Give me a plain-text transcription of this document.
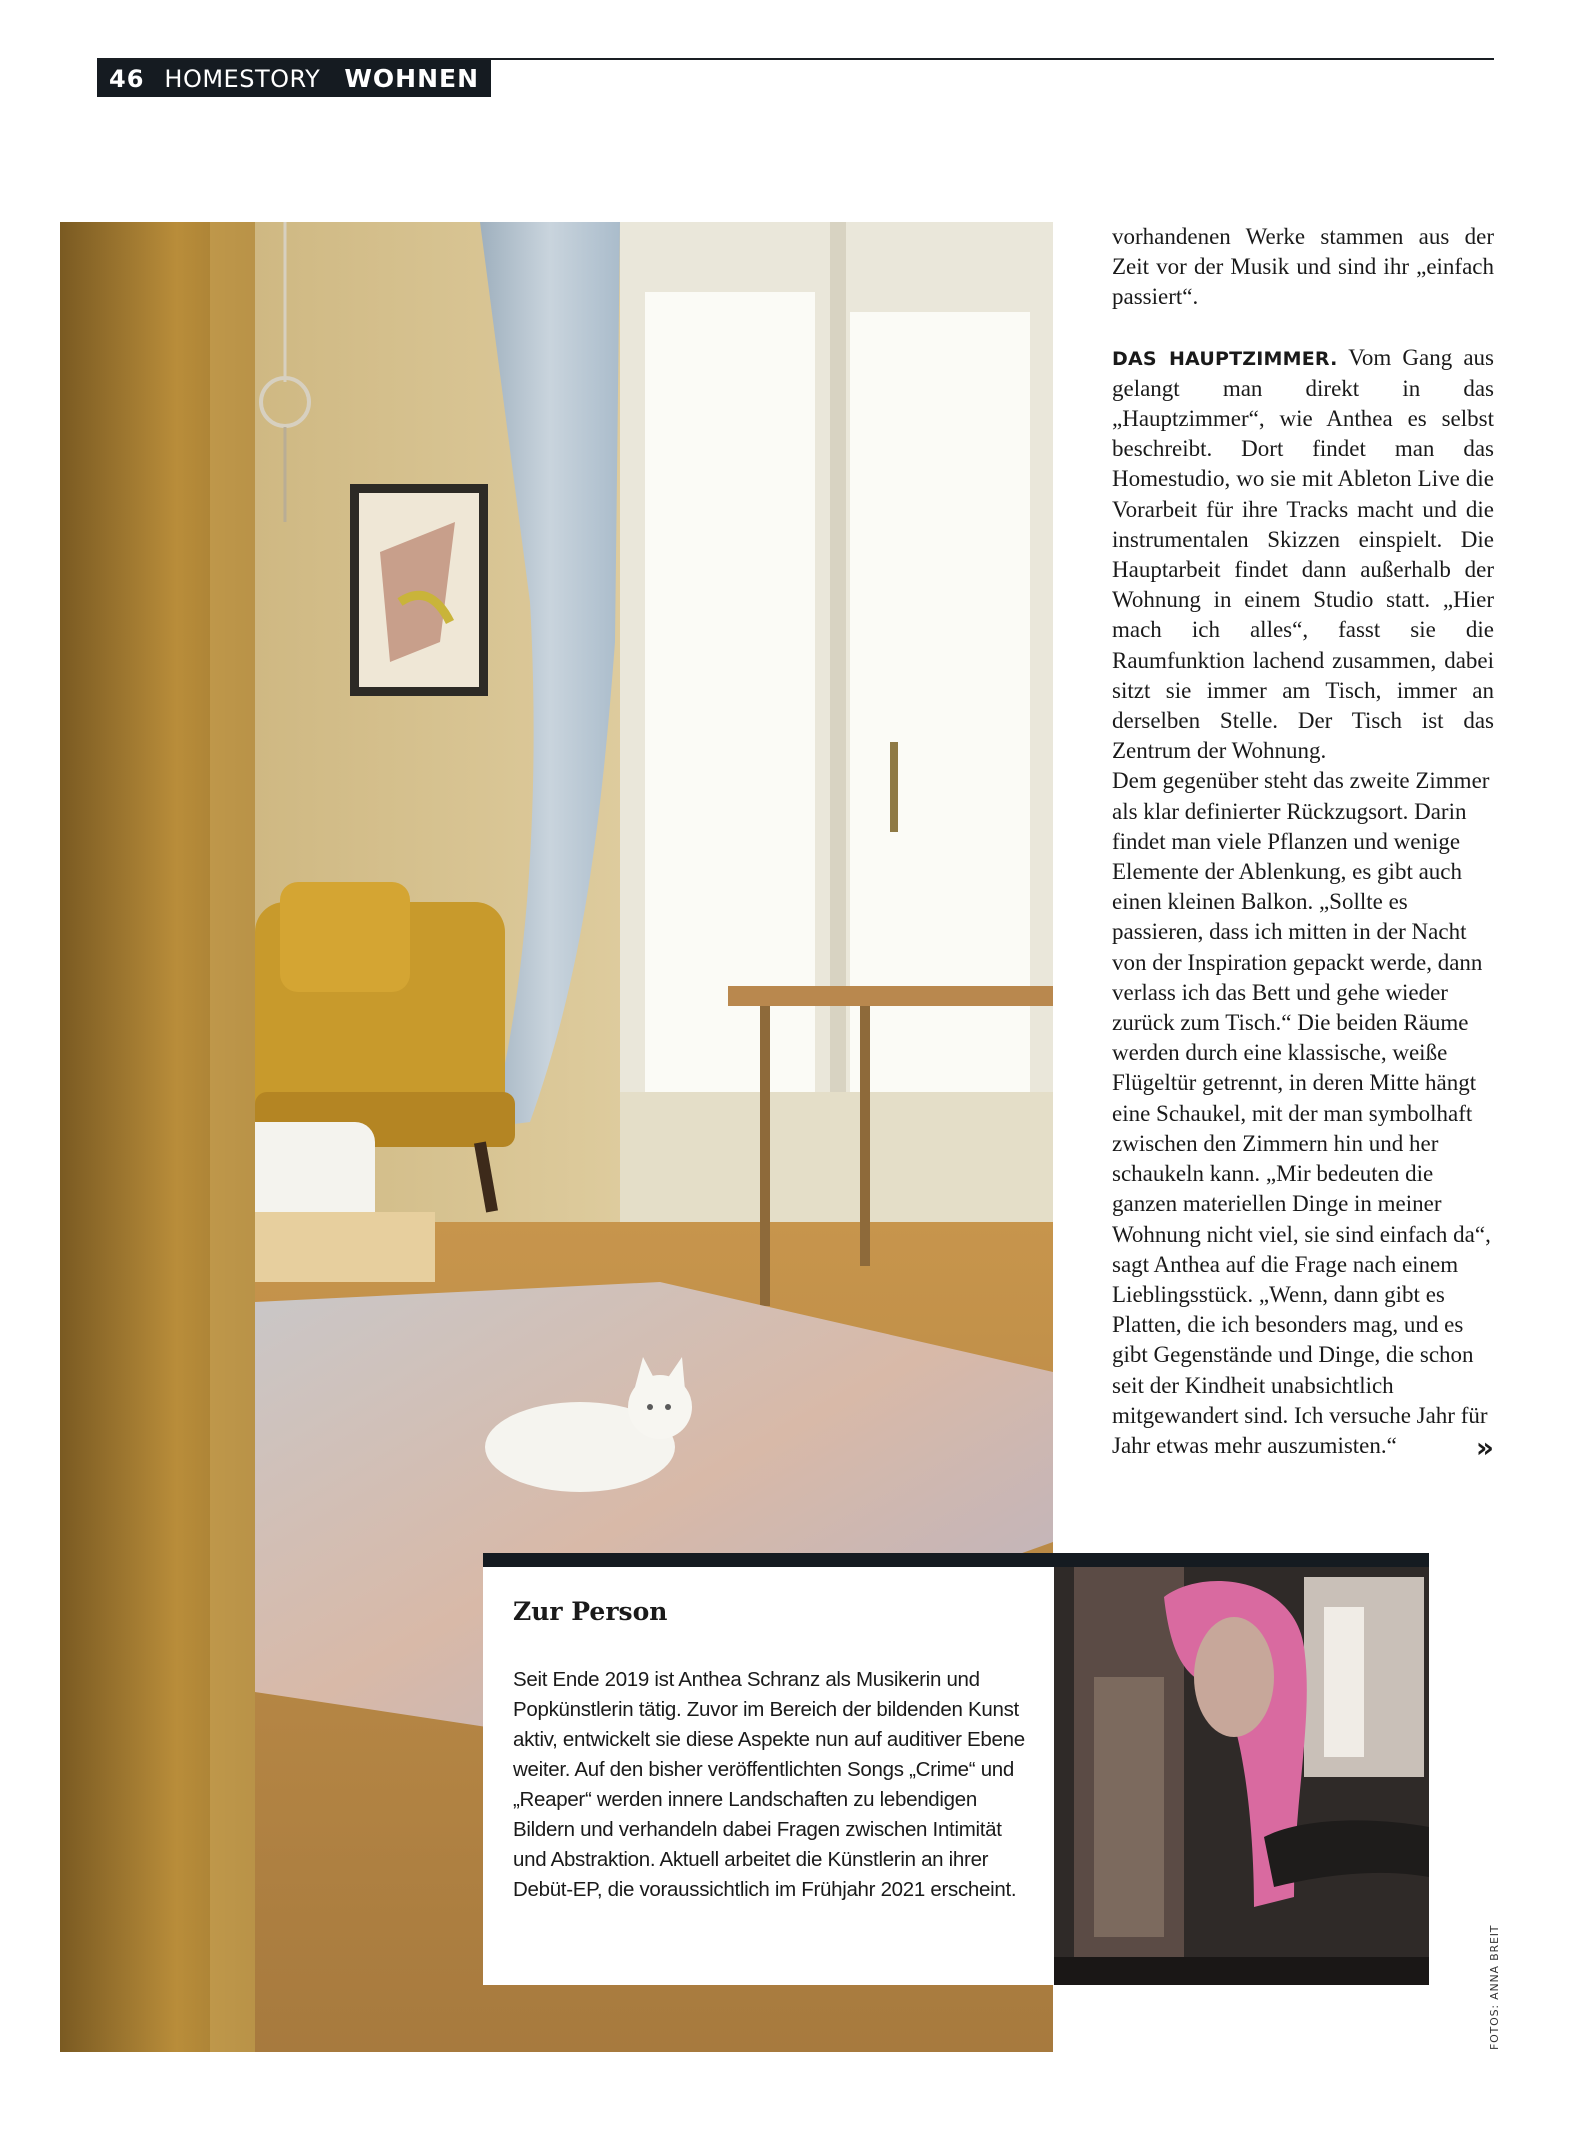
46 HOMESTORY WOHNEN

vorhandenen Werke stammen aus der Zeit vor der Musik und sind ihr „einfach passiert“.

DAS HAUPTZIMMER. Vom Gang aus gelangt man direkt in das „Hauptzimmer“, wie Anthea es selbst beschreibt. Dort findet man das Homestudio, wo sie mit Ableton Live die Vorarbeit für ihre Tracks macht und die instrumentalen Skizzen einspielt. Die Hauptarbeit findet dann außerhalb der Wohnung in einem Studio statt. „Hier mach ich alles“, fasst sie die Raumfunktion lachend zusammen, dabei sitzt sie immer am Tisch, immer an derselben Stelle. Der Tisch ist das Zentrum der Wohnung.

Dem gegenüber steht das zweite Zimmer als klar definierter Rückzugsort. Darin findet man viele Pflanzen und wenige Elemente der Ablenkung, es gibt auch einen kleinen Balkon. „Sollte es passieren, dass ich mitten in der Nacht von der Inspiration gepackt werde, dann verlass ich das Bett und gehe wieder zurück zum Tisch.“ Die beiden Räume werden durch eine klassische, weiße Flügeltür getrennt, in deren Mitte hängt eine Schaukel, mit der man symbolhaft zwischen den Zimmern hin und her schaukeln kann. „Mir bedeuten die ganzen materiellen Dinge in meiner Wohnung nicht viel, sie sind einfach da“, sagt Anthea auf die Frage nach einem Lieblingsstück. „Wenn, dann gibt es Platten, die ich besonders mag, und es gibt Gegenstände und Dinge, die schon seit der Kindheit unabsichtlich mitgewandert sind. Ich versuche Jahr für Jahr etwas mehr auszumisten.“	»

Zur Person
Seit Ende 2019 ist Anthea Schranz als Musikerin und Popkünstlerin tätig. Zuvor im Bereich der bildenden Kunst aktiv, entwickelt sie diese Aspekte nun auf auditiver Ebene weiter. Auf den bisher veröffentlichten Songs „Crime“ und „Reaper“ werden innere Landschaften zu lebendigen Bildern und verhandeln dabei Fragen zwischen Intimität und Abstraktion. Aktuell arbeitet die Künstlerin an ihrer Debüt-EP, die voraussichtlich im Frühjahr 2021 erscheint.
FOTOS: ANNA BREIT
